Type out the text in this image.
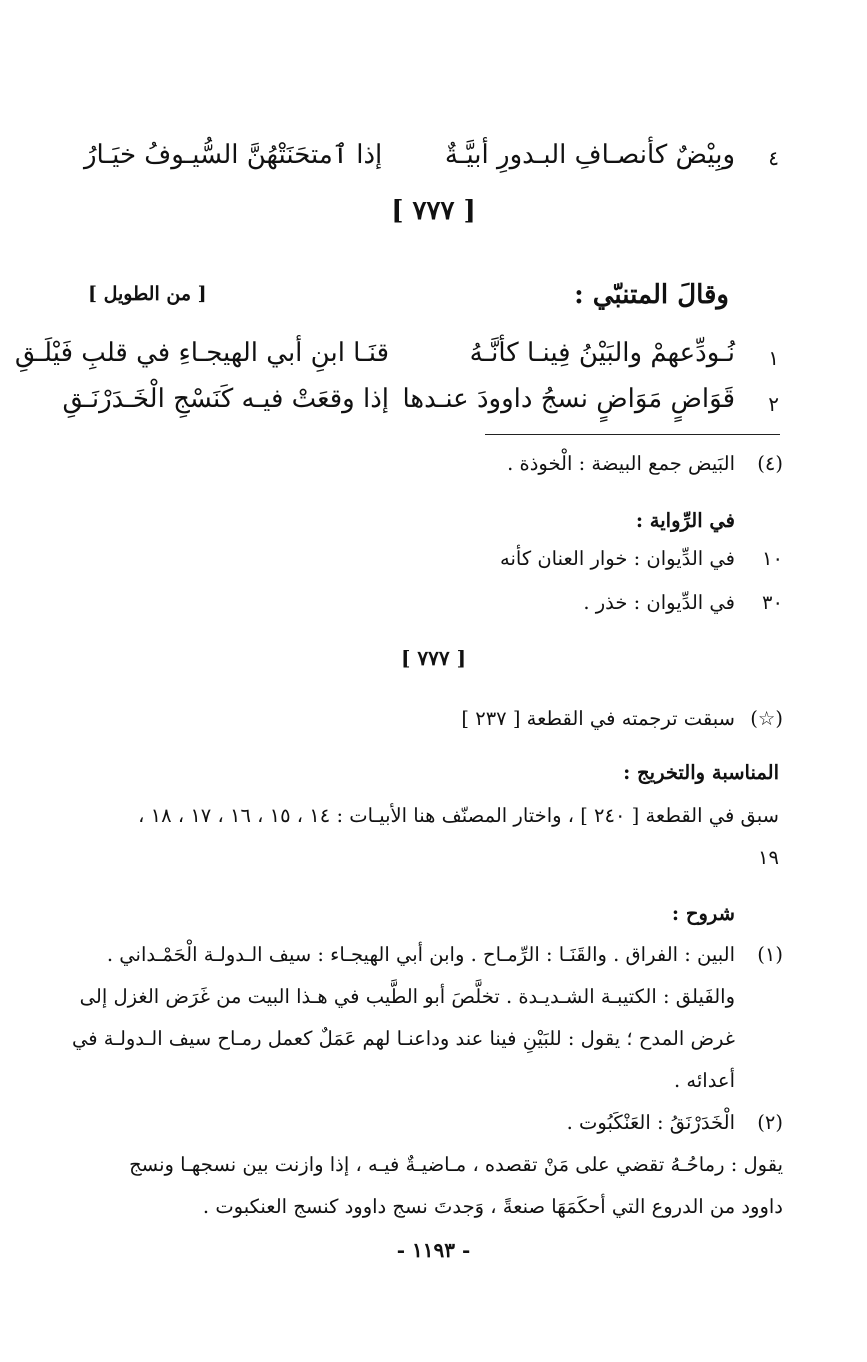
٤
وبِيْضٌ كأنصـافِ البـدورِ أبيَّـةٌ
إذا ٱمتحَنَتْهُنَّ السُّيـوفُ خيَـارُ
[ ٧٧٧ ]
وقالَ المتنبّي :
[ من الطويل ]
١
نُـودِّعهمْ والبَيْنُ فِينـا كأنَّـهُ
قنَـا ابنِ أبي الهيجـاءِ في قلبِ فَيْلَـقِ
٢
قَوَاضٍ مَوَاضٍ نسجُ داوودَ عنـدها
إذا وقعَتْ فيـه كَنَسْجِ الْخَـدَرْنَـقِ
(٤)
البَيض جمع البيضة : الْخوذة .
في الرِّواية :
١٠
في الدِّيوان : خوار العنان كأنه
٣٠
في الدِّيوان : خذر .
[ ٧٧٧ ]
(☆)
سبقت ترجمته في القطعة [ ٢٣٧ ]
المناسبة والتخريج :
سبق في القطعة [ ٢٤٠ ] ، واختار المصنّف هنا الأبيـات : ١٤ ، ١٥ ، ١٦ ، ١٧ ، ١٨ ،
١٩
شروح :
(١)
البين : الفراق . والقَنَـا : الرِّمـاح . وابن أبي الهيجـاء : سيف الـدولـة الْحَمْـداني .
والفَيلق : الكتيبـة الشـديـدة . تخلَّصَ أبو الطَّيب في هـذا البيت من غَرَض الغزل إلى
غرض المدح ؛ يقول : للبَيْنِ فينا عند وداعنـا لهم عَمَلٌ كعمل رمـاح سيف الـدولـة في
أعدائه .
(٢)
الْخَدَرْنَقُ : العَنْكَبُوت .
يقول : رماحُـهُ تقضي على مَنْ تقصده ، مـاضيـةٌ فيـه ، إذا وازنت بين نسجهـا ونسج
داوود من الدروع التي أحكَمَهَا صنعةً ، وَجدتَ نسج داوود كنسج العنكبوت .
- ١١٩٣ -
